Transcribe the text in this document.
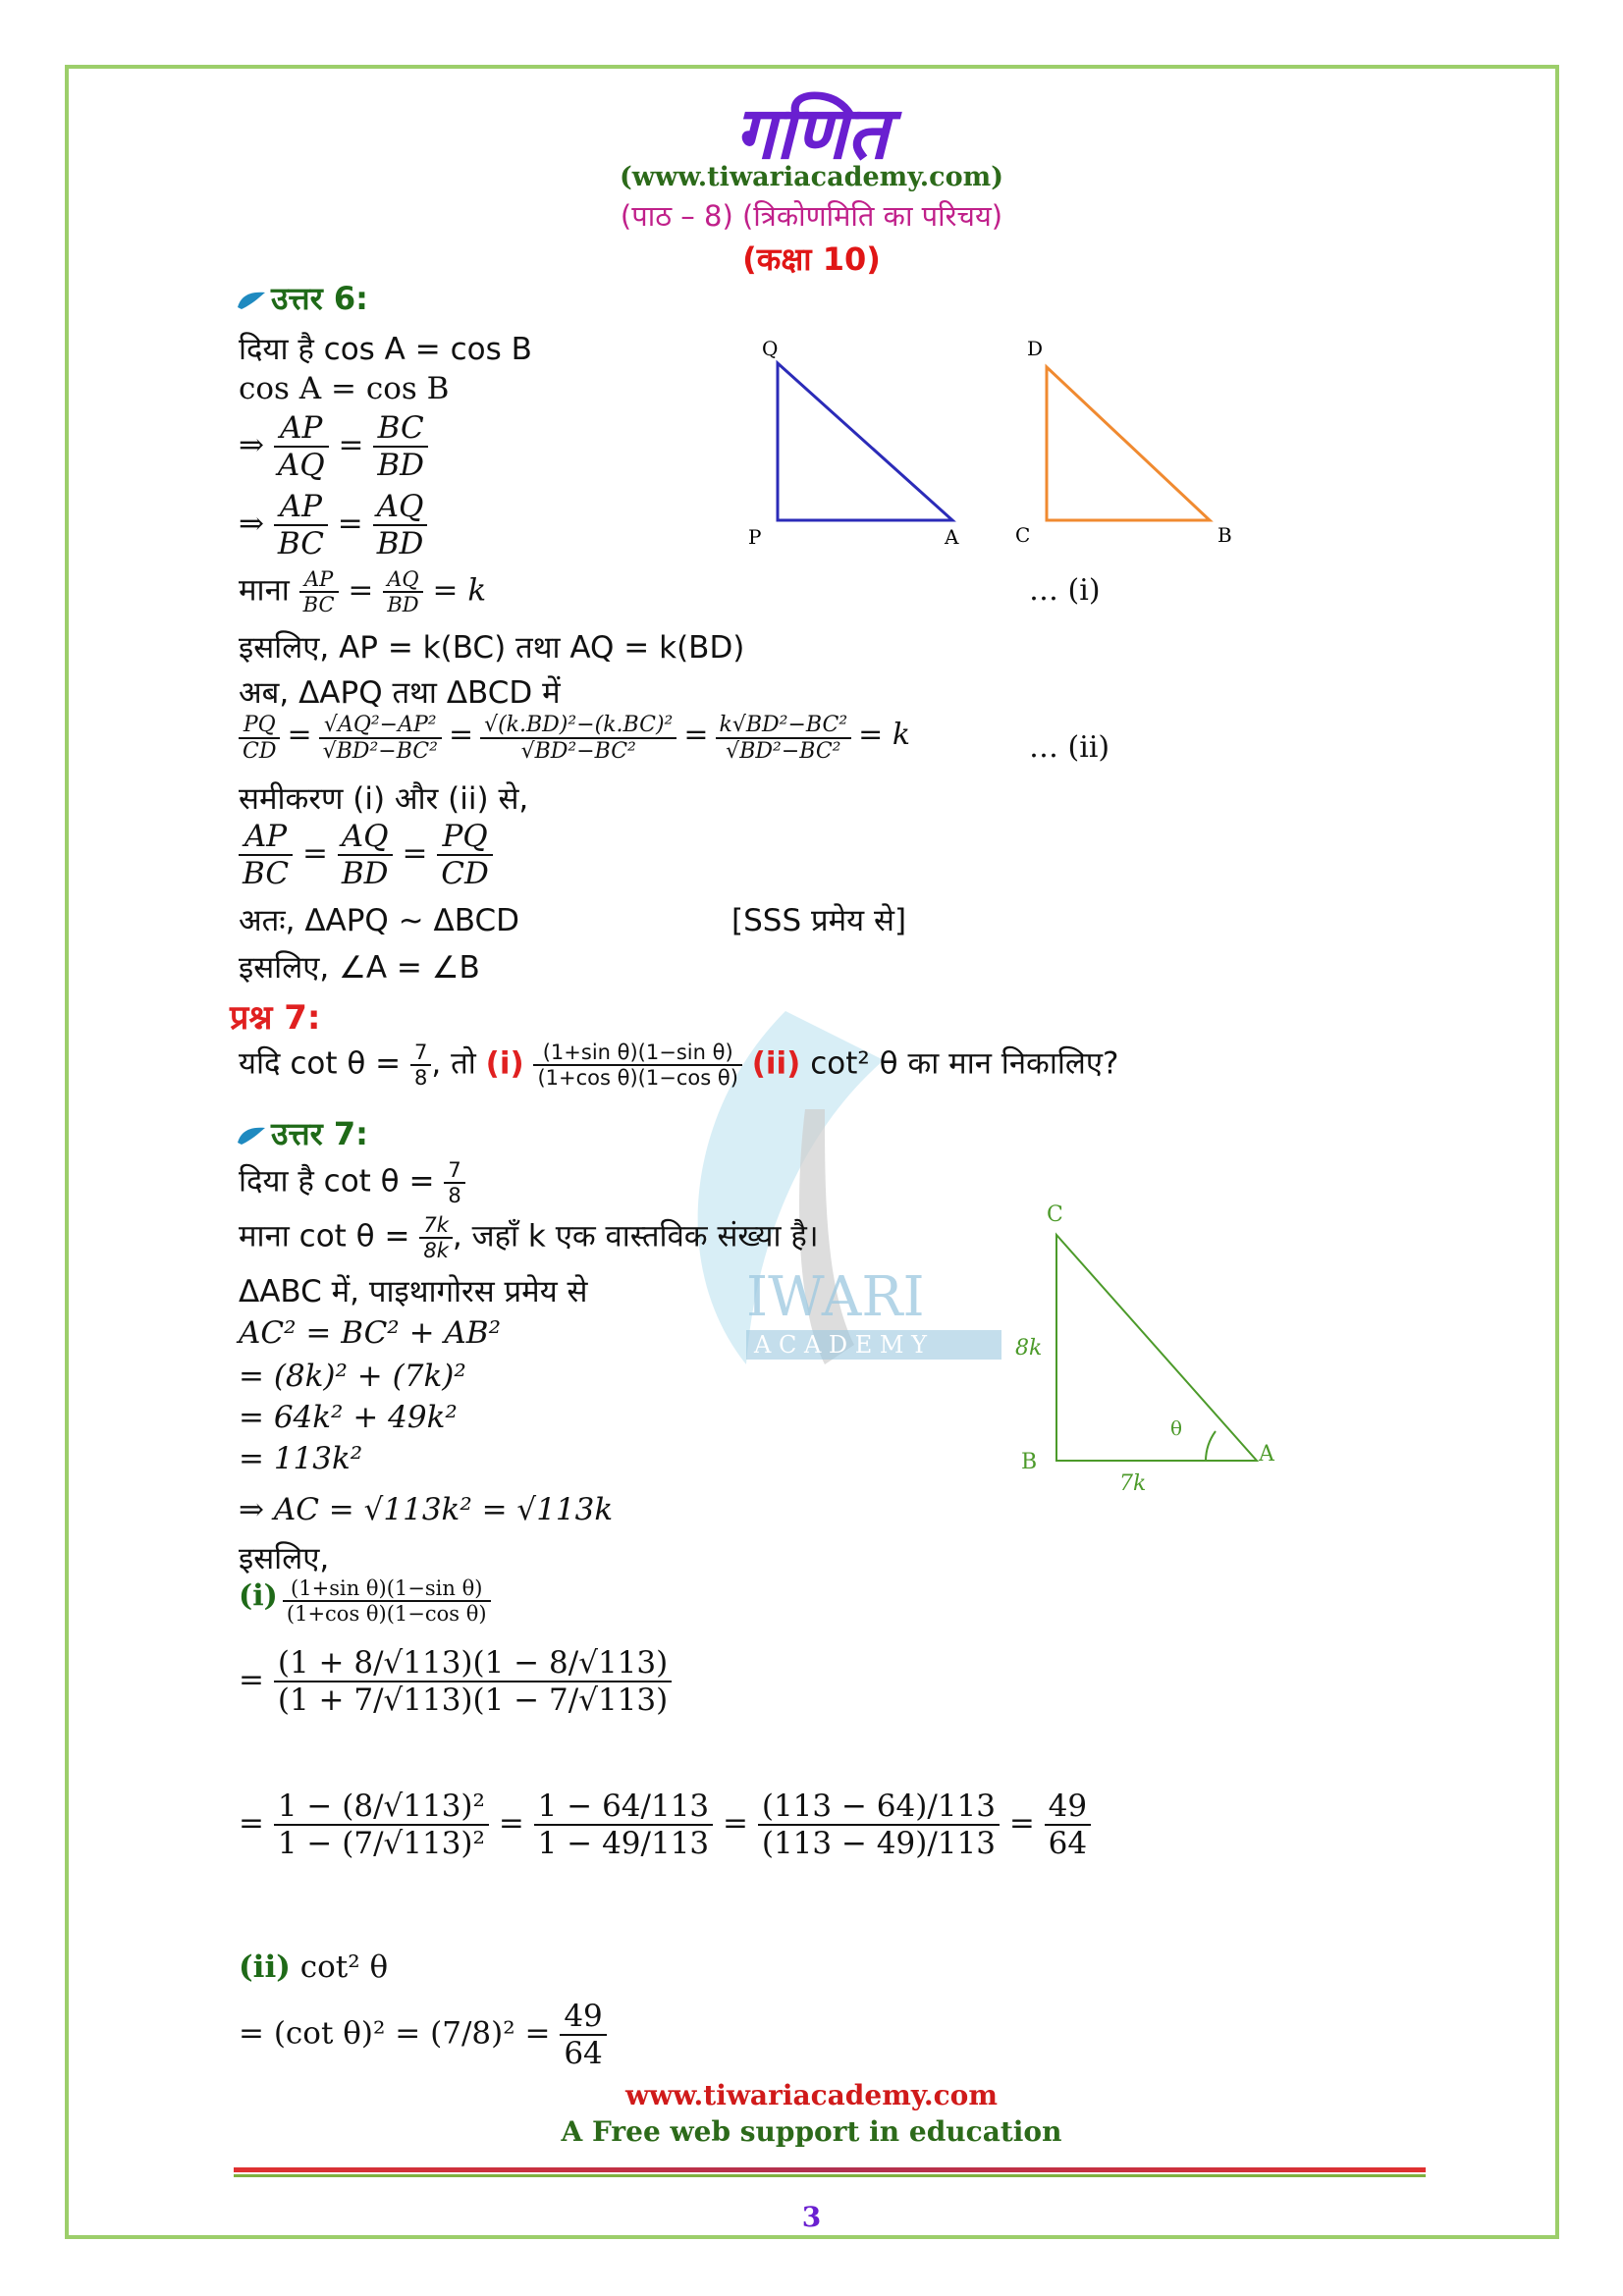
IWARI
A C A D E M Y
गणित
(www.tiwariacademy.com)
(पाठ – 8) (त्रिकोणमिति का परिचय)
(कक्षा 10)
उत्तर 6:
दिया है cos A = cos B
cos A = cos B
⇒ $\frac{AP}{AQ} = \frac{BC}{BD}$
⇒ $\frac{AP}{BC} = \frac{AQ}{BD}$
माना $\frac{AP}{BC} = \frac{AQ}{BD} = k$	… (i)
इसलिए, AP = k(BC) तथा AQ = k(BD)
अब, ΔAPQ तथा ΔBCD में
$\frac{PQ}{CD} = \frac{\text{√AQ²−AP²}}{\text{√BD²−BC²}} = \frac{\text{√(k.BD)²−(k.BC)²}}{\text{√BD²−BC²}} = \frac{\text{k√BD²−BC²}}{\text{√BD²−BC²}} = k$	… (ii)
समीकरण (i) और (ii) से,
$\frac{AP}{BC} = \frac{AQ}{BD} = \frac{PQ}{CD}$
अतः, ΔAPQ ~ ΔBCD	[SSS प्रमेय से]
इसलिए, ∠A = ∠B
Q
P	A
D
C	B
प्रश्न 7:
यदि $\cot \theta = \frac{7}{8}$ , तो $(i) \frac{\text{(1+sin θ)(1−sin θ)}}{\text{(1+cos θ)(1−cos θ)}} (ii)$ cot² θ का मान निकालिए?
उत्तर 7:
दिया है $\cot \theta = \frac{7}{8}$
माना $\cot \theta = \frac{7k}{8k}$ , जहाँ k एक वास्तविक संख्या है।
ΔABC में, पाइथागोरस प्रमेय से
AC² = BC² + AB²
= (8k)² + (7k)²
= 64k² + 49k²
= 113k²
⇒ AC = √113k² = √113k
इसलिए,
$(i) \frac{\text{(1+sin θ)(1−sin θ)}}{\text{(1+cos θ)(1−cos θ)}}$
= $\frac{(1 + 8/√113)(1 - 8/√113)}{(1 + 7/√113)(1 - 7/√113)}$
= $\frac{\text{1 − (8/√113)²}}{\text{1 − (7/√113)²}} = \frac{1 - 64/113}{1 - 49/113} = \frac{(113 - 64)/113}{(113 - 49)/113} = \frac{49}{64}$
(ii) cot² θ
= (cot $\theta)^2 = (7/8)^2 = \frac{49}{64}$
C
B	A
8k
7k
θ
www.tiwariacademy.com
A Free web support in education
3
